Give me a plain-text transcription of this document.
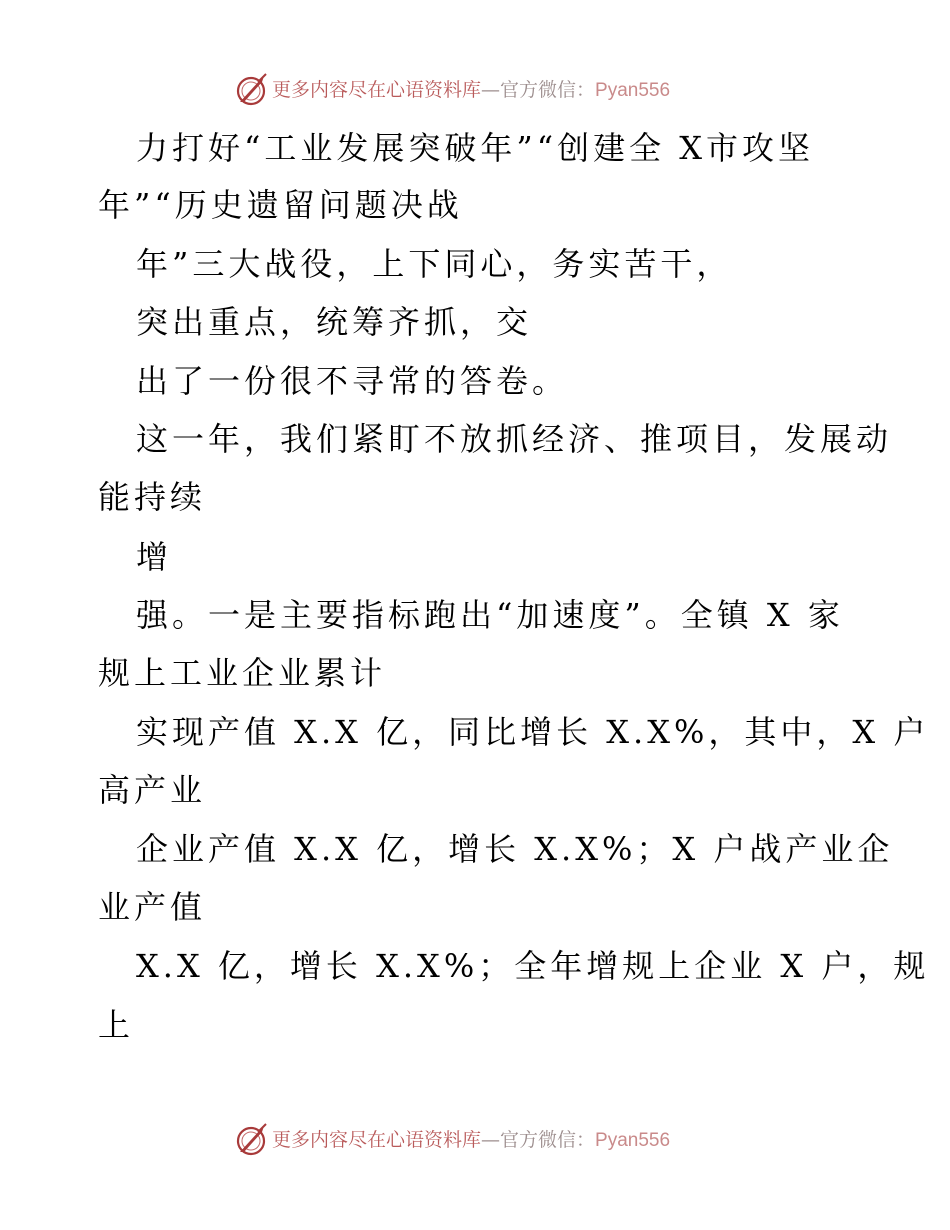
更多内容尽在心语资料库—官方微信：Pyan556
力打好“工业发展突破年”“创建全 X市攻坚
年”“历史遗留问题决战
年”三大战役，上下同心，务实苦干，
突出重点，统筹齐抓，交
出了一份很不寻常的答卷。
这一年，我们紧盯不放抓经济、推项目，发展动
能持续
增
强。一是主要指标跑出“加速度”。全镇 X 家
规上工业企业累计
实现产值 X.X 亿，同比增长 X.X%，其中，X 户
高产业
企业产值 X.X 亿，增长 X.X%；X 户战产业企
业产值
X.X 亿，增长 X.X%；全年增规上企业 X 户，规
上
更多内容尽在心语资料库—官方微信：Pyan556
